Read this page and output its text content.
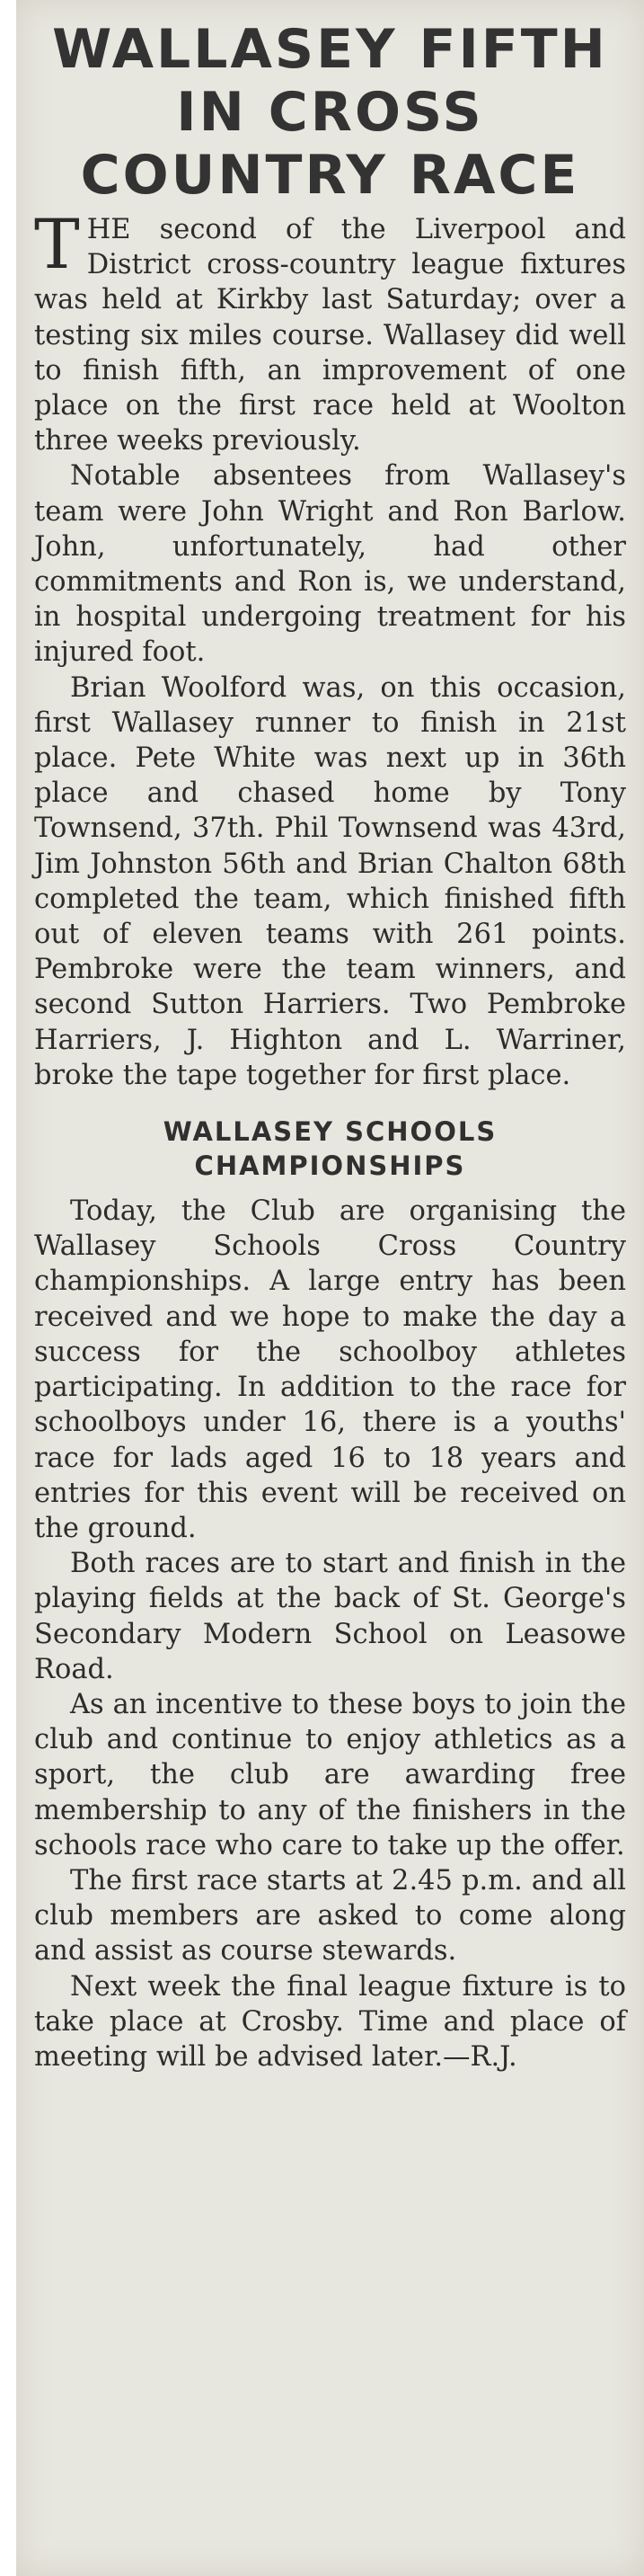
WALLASEY FIFTH
IN CROSS
COUNTRY RACE

THE second of the Liverpool and District cross-country league fixtures was held at Kirkby last Saturday; over a testing six miles course. Wallasey did well to finish fifth, an improvement of one place on the first race held at Woolton three weeks previously.

Notable absentees from Wallasey's team were John Wright and Ron Barlow. John, unfortunately, had other commitments and Ron is, we understand, in hospital undergoing treatment for his injured foot.

Brian Woolford was, on this occasion, first Wallasey runner to finish in 21st place. Pete White was next up in 36th place and chased home by Tony Townsend, 37th. Phil Townsend was 43rd, Jim Johnston 56th and Brian Chalton 68th completed the team, which finished fifth out of eleven teams with 261 points. Pembroke were the team winners, and second Sutton Harriers. Two Pembroke Harriers, J. Highton and L. Warriner, broke the tape together for first place.

WALLASEY SCHOOLS
CHAMPIONSHIPS

Today, the Club are organising the Wallasey Schools Cross Country championships. A large entry has been received and we hope to make the day a success for the schoolboy athletes participating. In addition to the race for schoolboys under 16, there is a youths' race for lads aged 16 to 18 years and entries for this event will be received on the ground.

Both races are to start and finish in the playing fields at the back of St. George's Secondary Modern School on Leasowe Road.

As an incentive to these boys to join the club and continue to enjoy athletics as a sport, the club are awarding free membership to any of the finishers in the schools race who care to take up the offer.

The first race starts at 2.45 p.m. and all club members are asked to come along and assist as course stewards.

Next week the final league fixture is to take place at Crosby. Time and place of meeting will be advised later.—R.J.
